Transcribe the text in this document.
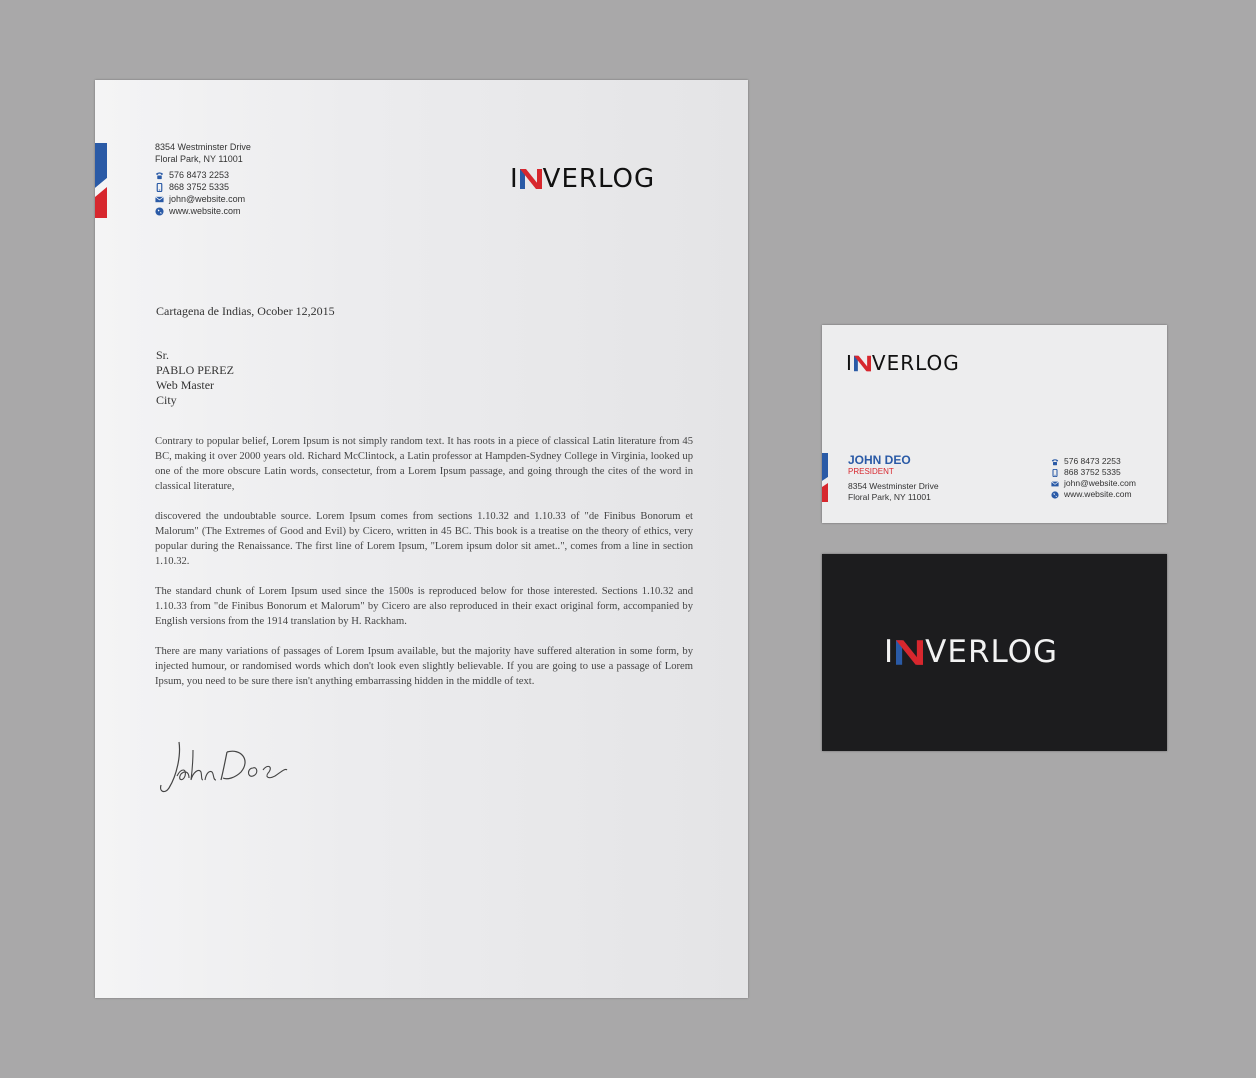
8354 Westminster Drive
Floral Park, NY 11001
576 8473 2253
868 3752 5335
john@website.com
www.website.com
I VERLOG
Cartagena de Indias, Ocober 12,2015
Sr.
PABLO PEREZ
Web Master
City

Contrary to popular belief, Lorem Ipsum is not simply random text. It has roots in a piece of classical Latin literature from 45 BC, making it over 2000 years old. Richard McClintock, a Latin professor at Hampden-Sydney College in Virginia, looked up one of the more obscure Latin words, consectetur, from a Lorem Ipsum passage, and going through the cites of the word in classical literature,

discovered the undoubtable source. Lorem Ipsum comes from sections 1.10.32 and 1.10.33 of "de Finibus Bonorum et Malorum" (The Extremes of Good and Evil) by Cicero, written in 45 BC. This book is a treatise on the theory of ethics, very popular during the Renaissance. The first line of Lorem Ipsum, "Lorem ipsum dolor sit amet..", comes from a line in section 1.10.32.

The standard chunk of Lorem Ipsum used since the 1500s is reproduced below for those interested. Sections 1.10.32 and 1.10.33 from "de Finibus Bonorum et Malorum" by Cicero are also reproduced in their exact original form, accompanied by English versions from the 1914 translation by H. Rackham.

There are many variations of passages of Lorem Ipsum available, but the majority have suffered alteration in some form, by injected humour, or randomised words which don't look even slightly believable. If you are going to use a passage of Lorem Ipsum, you need to be sure there isn't anything embarrassing hidden in the middle of text.

I VERLOG
JOHN DEO
PRESIDENT
8354 Westminster Drive
Floral Park, NY 11001
576 8473 2253
868 3752 5335
john@website.com
www.website.com
I VERLOG
